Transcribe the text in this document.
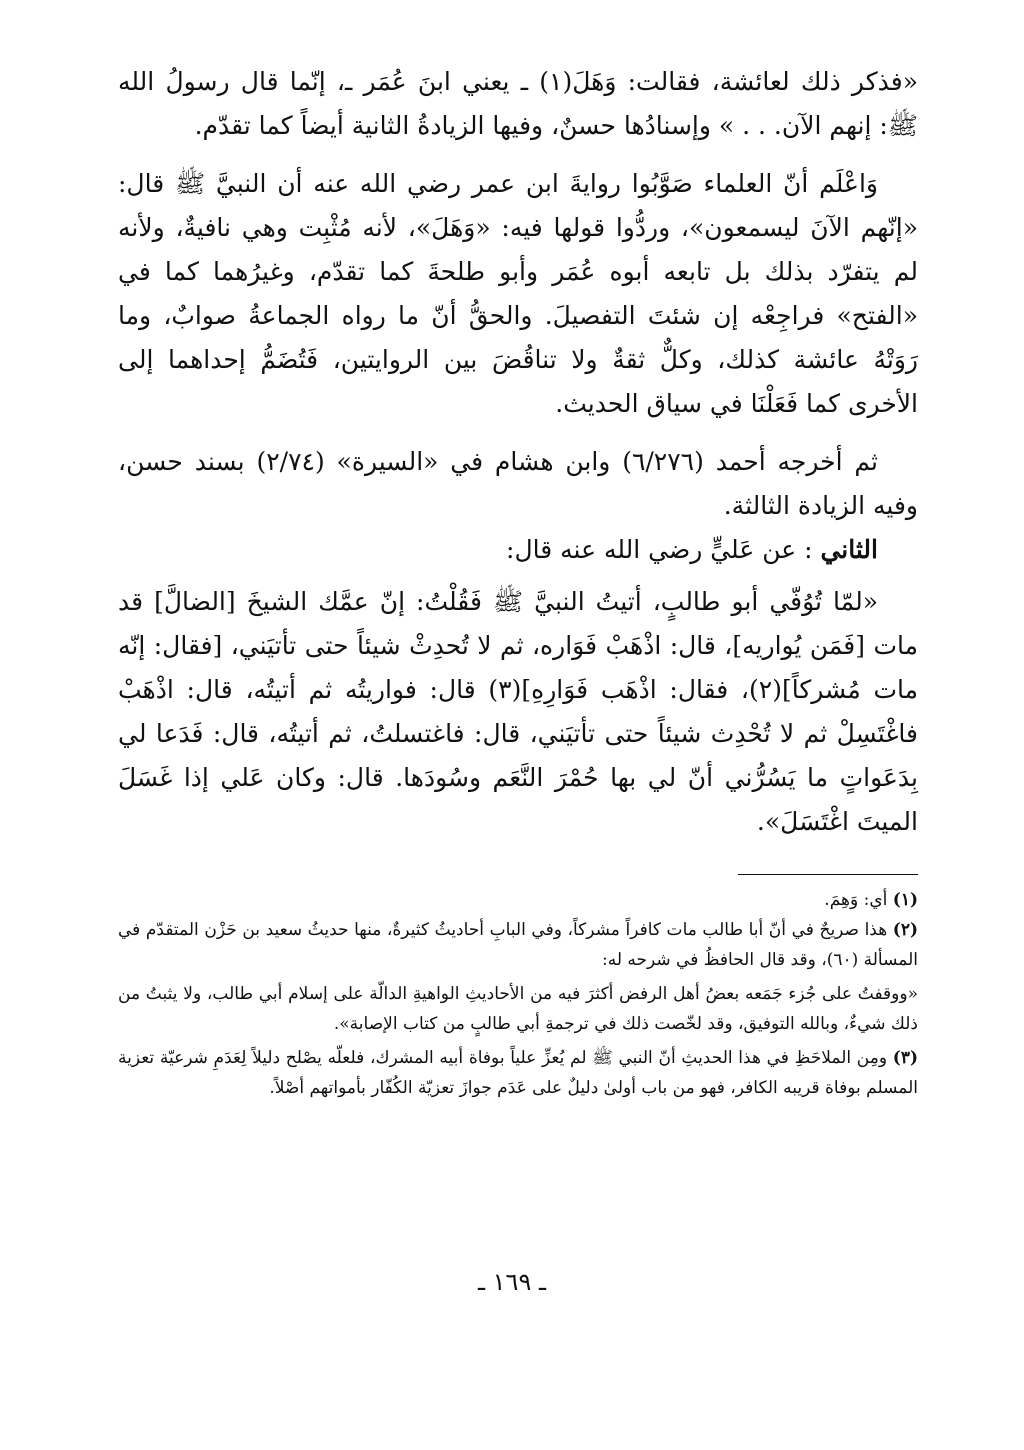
«فذكر ذلك لعائشة، فقالت: وَهَلَ(١) ـ يعني ابنَ عُمَر ـ، إنّما قال رسولُ الله ﷺ: إنهم الآن. . . » وإسنادُها حسنٌ، وفيها الزيادةُ الثانية أيضاً كما تقدّم.

وَاعْلَم أنّ العلماء صَوَّبُوا روايةَ ابن عمر رضي الله عنه أن النبيَّ ﷺ قال: «إنّهم الآنَ ليسمعون»، وردُّوا قولها فيه: «وَهَلَ»، لأنه مُثْبِت وهي نافيةٌ، ولأنه لم يتفرّد بذلك بل تابعه أبوه عُمَر وأبو طلحةَ كما تقدّم، وغيرُهما كما في «الفتح» فراجِعْه إن شئتَ التفصيلَ. والحقُّ أنّ ما رواه الجماعةُ صوابٌ، وما رَوَتْهُ عائشة كذلك، وكلٌّ ثقةٌ ولا تناقُضَ بين الروايتين، فَتُضَمُّ إحداهما إلى الأخرى كما فَعَلْنَا في سياق الحديث.

ثم أخرجه أحمد (٦/٢٧٦) وابن هشام في «السيرة» (٢/٧٤) بسند حسن، وفيه الزيادة الثالثة.

الثاني : عن عَليٍّ رضي الله عنه قال:

«لمّا تُوُفّي أبو طالبٍ، أتيتُ النبيَّ ﷺ فَقُلْتُ: إنّ عمَّك الشيخَ [الضالَّ] قد مات [فَمَن يُواريه]، قال: اذْهَبْ فَوَاره، ثم لا تُحدِثْ شيئاً حتى تأتيَني، [فقال: إنّه مات مُشركاً](٢)، فقال: اذْهَب فَوَارِهِ](٣) قال: فواريتُه ثم أتيتُه، قال: اذْهَبْ فاغْتَسِلْ ثم لا تُحْدِث شيئاً حتى تأتيَني، قال: فاغتسلتُ، ثم أتيتُه، قال: فَدَعا لي بِدَعَواتٍ ما يَسُرُّني أنّ لي بها حُمْرَ النَّعَم وسُودَها. قال: وكان عَلي إذا غَسَلَ الميتَ اغْتَسَلَ».

(١) أي: وَهِمَ.

(٢) هذا صريحٌ في أنّ أبا طالب مات كافراً مشركاً، وفي البابِ أحاديثُ كثيرةٌ، منها حديثُ سعيد بن حَزْن المتقدّم في المسألة (٦٠)، وقد قال الحافظُ في شرحه له:

«ووقفتُ على جُزء جَمَعه بعضُ أهل الرفض أكثرَ فيه من الأحاديثِ الواهيةِ الدالّة على إسلام أبي طالب، ولا يثبتُ من ذلك شيءٌ، وبالله التوفيق، وقد لخّصت ذلك في ترجمةِ أبي طالبٍ من كتاب الإصابة».

(٣) ومِن الملاحَظِ في هذا الحديثِ أنّ النبي ﷺ لم يُعزِّ علياً بوفاة أبيه المشرك، فلعلّه يصْلح دليلاً لِعَدَمِ شرعيّة تعزية المسلم بوفاة قريبه الكافر، فهو من باب أولىٰ دليلٌ على عَدَم جوازَ تعزيّة الكُفّار بأمواتهم أصْلاً.

ـ ١٦٩ ـ
